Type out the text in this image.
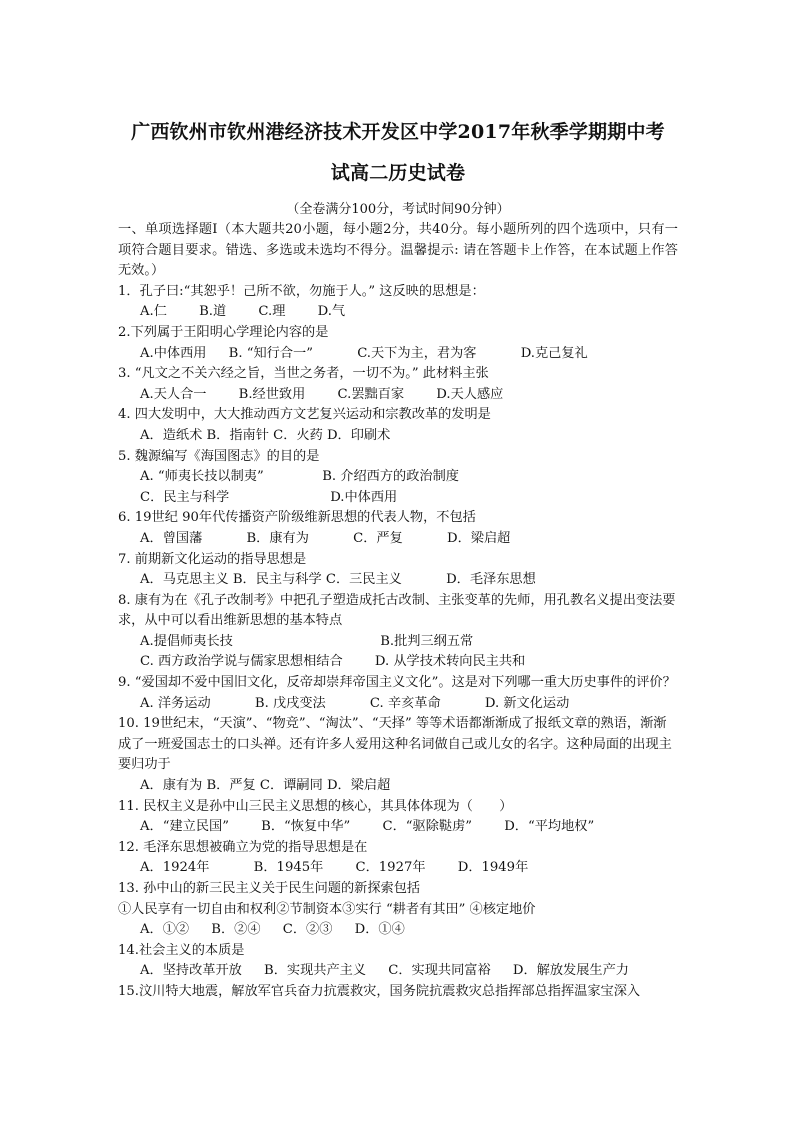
广西钦州市钦州港经济技术开发区中学2017年秋季学期期中考
试高二历史试卷
（全卷满分100分，考试时间90分钟）

一、单项选择题Ⅰ（本大题共20小题，每小题2分，共40分。每小题所列的四个选项中，只有一项符合题目要求。错选、多选或未选均不得分。温馨提示: 请在答题卡上作答，在本试题上作答无效。）

1．孔子曰:“其恕乎！己所不欲，勿施于人。” 这反映的思想是：

A.仁 B.道 C.理 D.气

2.下列属于王阳明心学理论内容的是

A.中体西用 B. “知行合一”	C.天下为主，君为客	D.克己复礼

3. “凡文之不关六经之旨，当世之务者，一切不为。” 此材料主张

A.天人合一 B.经世致用 C.罢黜百家 D.天人感应

4. 四大发明中，大大推动西方文艺复兴运动和宗教改革的发明是

A．造纸术 B．指南针 C．火药 D．印刷术

5. 魏源编写《海国图志》的目的是

A. “师夷长技以制夷”	B. 介绍西方的政治制度

C．民主与科学	D.中体西用

6. 19世纪 90年代传播资产阶级维新思想的代表人物，不包括

A．曾国藩	B．康有为	C．严复	D．梁启超

7. 前期新文化运动的指导思想是

A．马克思主义 B．民主与科学 C．三民主义	D．毛泽东思想

8. 康有为在《孔子改制考》中把孔子塑造成托古改制、主张变革的先师，用孔教名义提出变法要求，从中可以看出维新思想的基本特点

A.提倡师夷长技	B.批判三纲五常

C. 西方政治学说与儒家思想相结合 D. 从学技术转向民主共和

9. “爱国却不爱中国旧文化，反帝却崇拜帝国主义文化”。这是对下列哪一重大历史事件的评价？

A. 洋务运动	B. 戊戌变法	C. 辛亥革命	D. 新文化运动

10. 19世纪末，“天演”、“物竞”、“淘汰”、“天择” 等等术语都渐渐成了报纸文章的熟语，渐渐成了一班爱国志士的口头禅。还有许多人爱用这种名词做自己或儿女的名字。这种局面的出现主要归功于

A．康有为 B．严复 C．谭嗣同 D．梁启超

11. 民权主义是孙中山三民主义思想的核心，其具体体现为（　　）

A．“建立民国” B．“恢复中华” C．“驱除鞑虏” D．“平均地权”

12. 毛泽东思想被确立为党的指导思想是在

A．1924年	B．1945年 C．1927年 D．1949年

13. 孙中山的新三民主义关于民生问题的新探索包括

①人民享有一切自由和权利②节制资本③实行 “耕者有其田” ④核定地价

A．①② B．②④ C．②③ D．①④

14.社会主义的本质是

A．坚持改革开放 B．实现共产主义 C．实现共同富裕 D．解放发展生产力

15.汶川特大地震，解放军官兵奋力抗震救灾，国务院抗震救灾总指挥部总指挥温家宝深入
